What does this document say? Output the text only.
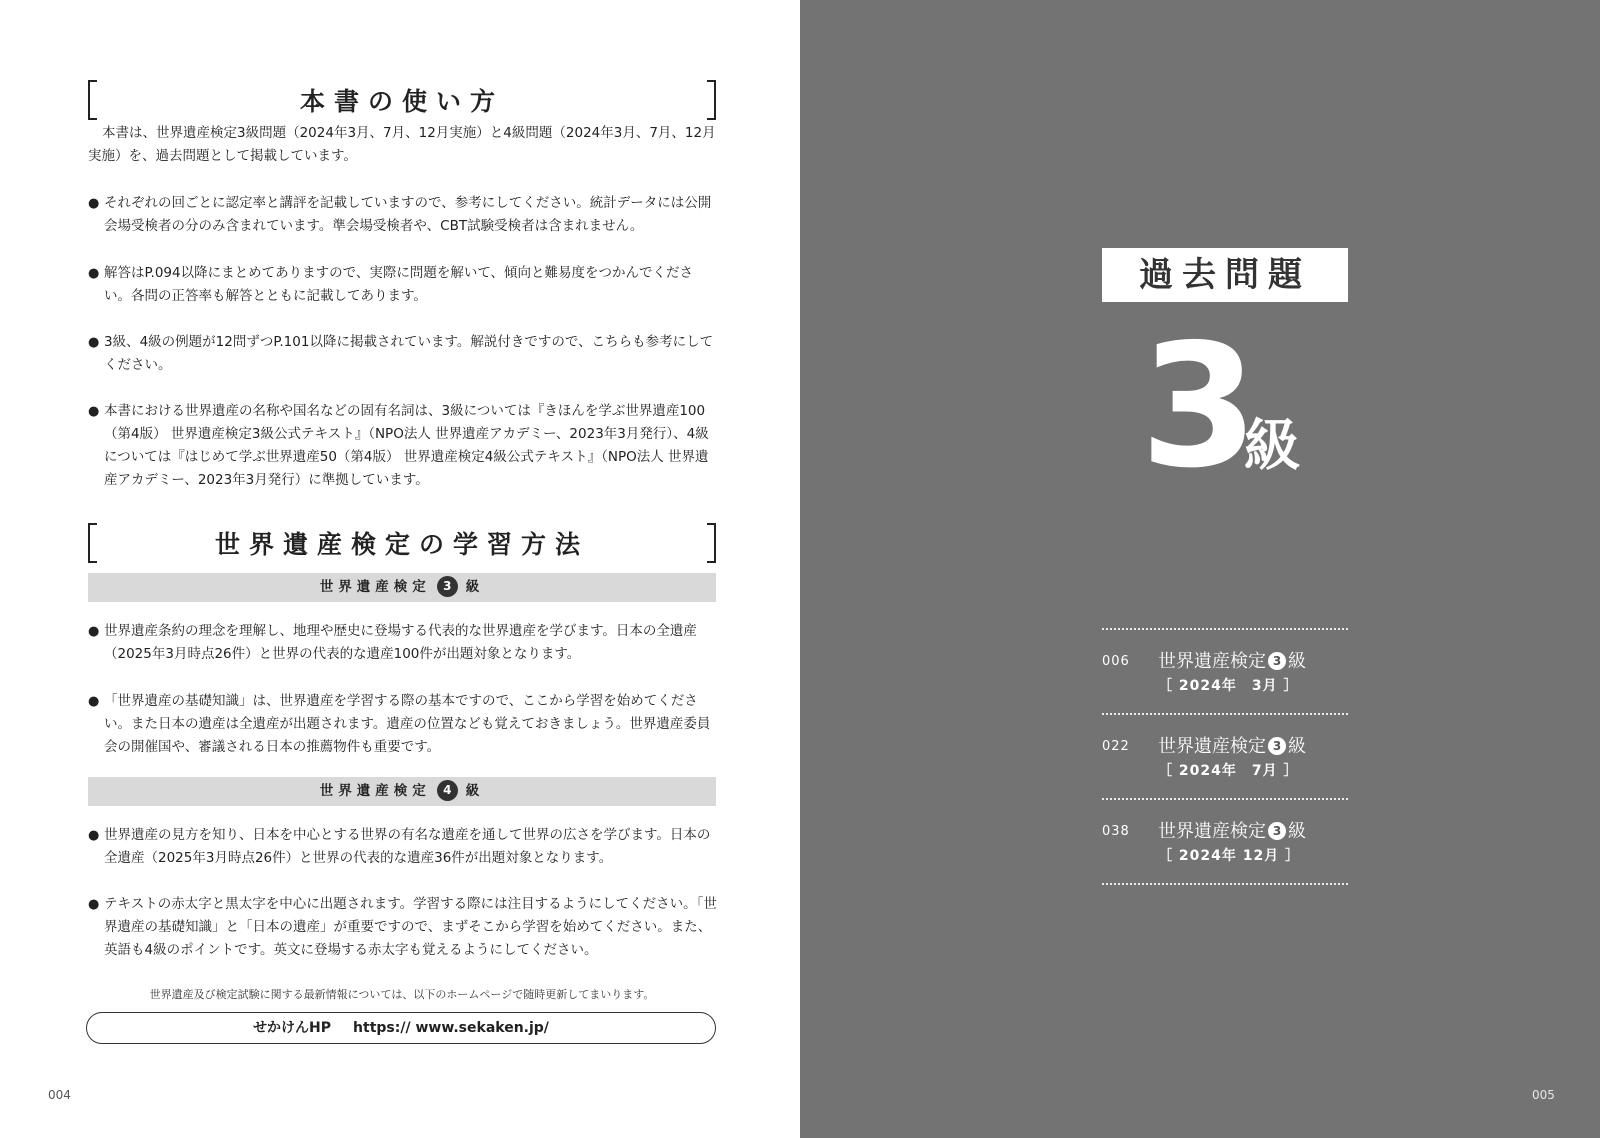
本書の使い方
本書は、世界遺産検定3級問題（2024年3月、7月、12月実施）と4級問題（2024年3月、7月、12月実施）を、過去問題として掲載しています。
● それぞれの回ごとに認定率と講評を記載していますので、参考にしてください。統計データには公開会場受検者の分のみ含まれています。準会場受検者や、CBT試験受検者は含まれません。
● 解答はP.094以降にまとめてありますので、実際に問題を解いて、傾向と難易度をつかんでください。各問の正答率も解答とともに記載してあります。
● 3級、4級の例題が12問ずつP.101以降に掲載されています。解説付きですので、こちらも参考にしてください。
● 本書における世界遺産の名称や国名などの固有名詞は、3級については『きほんを学ぶ世界遺産100（第4版） 世界遺産検定3級公式テキスト』（NPO法人 世界遺産アカデミー、2023年3月発行）、4級については『はじめて学ぶ世界遺産50（第4版） 世界遺産検定4級公式テキスト』（NPO法人 世界遺産アカデミー、2023年3月発行）に準拠しています。
世界遺産検定の学習方法
世界遺産検定 3 級
● 世界遺産条約の理念を理解し、地理や歴史に登場する代表的な世界遺産を学びます。日本の全遺産（2025年3月時点26件）と世界の代表的な遺産100件が出題対象となります。
● 「世界遺産の基礎知識」は、世界遺産を学習する際の基本ですので、ここから学習を始めてください。また日本の遺産は全遺産が出題されます。遺産の位置なども覚えておきましょう。世界遺産委員会の開催国や、審議される日本の推薦物件も重要です。
世界遺産検定 4 級
● 世界遺産の見方を知り、日本を中心とする世界の有名な遺産を通して世界の広さを学びます。日本の全遺産（2025年3月時点26件）と世界の代表的な遺産36件が出題対象となります。
● テキストの赤太字と黒太字を中心に出題されます。学習する際には注目するようにしてください。「世界遺産の基礎知識」と「日本の遺産」が重要ですので、まずそこから学習を始めてください。また、英語も4級のポイントです。英文に登場する赤太字も覚えるようにしてください。
世界遺産及び検定試験に関する最新情報については、以下のホームページで随時更新してまいります。
せかけんHP https:// www.sekaken.jp/
004	005
過去問題
3
級
006 世界遺産検定 3 級
［ 2024年　3月 ］
022 世界遺産検定 3 級
［ 2024年　7月 ］
038 世界遺産検定 3 級
［ 2024年 12月 ］
